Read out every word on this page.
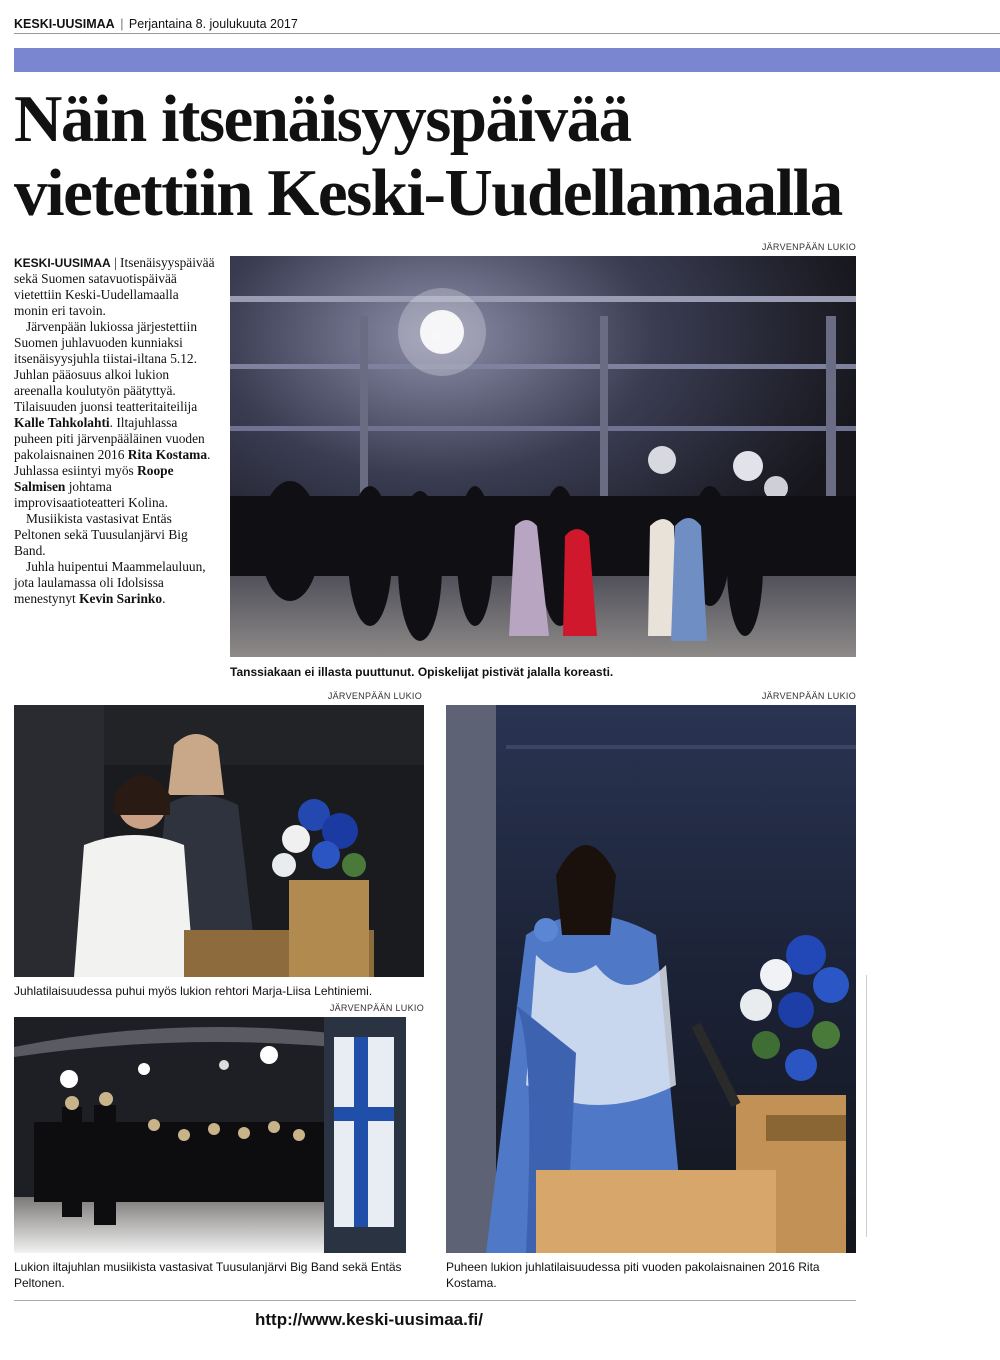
KESKI-UUSIMAA | Perjantaina 8. joulukuuta 2017
Näin itsenäisyyspäivää
vietettiin Keski-Uudellamaalla

KESKI-UUSIMAA | Itsenäisyyspäivää sekä Suomen satavuotispäivää vietettiin Keski-Uudellamaalla monin eri tavoin.

Järvenpään lukiossa järjestettiin Suomen juhlavuoden kunniaksi itsenäisyysjuhla tiistai-iltana 5.12. Juhlan pääosuus alkoi lukion areenalla koulutyön päätyttyä. Tilaisuuden juonsi teatteritaiteilija Kalle Tahkolahti. Iltajuhlassa puheen piti järvenpääläinen vuoden pakolaisnainen 2016 Rita Kostama. Juhlassa esiintyi myös Roope Salmisen johtama improvisaatioteatteri Kolina.

Musiikista vastasivat Entäs Peltonen sekä Tuusulanjärvi Big Band.

Juhla huipentui Maammelauluun, jota laulamassa oli Idolsissa menestynyt Kevin Sarinko.

JÄRVENPÄÄN LUKIO
Tanssiakaan ei illasta puuttunut. Opiskelijat pistivät jalalla koreasti.
JÄRVENPÄÄN LUKIO
Juhlatilaisuudessa puhui myös lukion rehtori Marja-Liisa Lehtiniemi.
JÄRVENPÄÄN LUKIO
Lukion iltajuhlan musiikista vastasivat Tuusulanjärvi Big Band sekä Entäs Peltonen.
JÄRVENPÄÄN LUKIO
Puheen lukion juhlatilaisuudessa piti vuoden pakolaisnainen 2016 Rita Kostama.
http://www.keski-uusimaa.fi/
